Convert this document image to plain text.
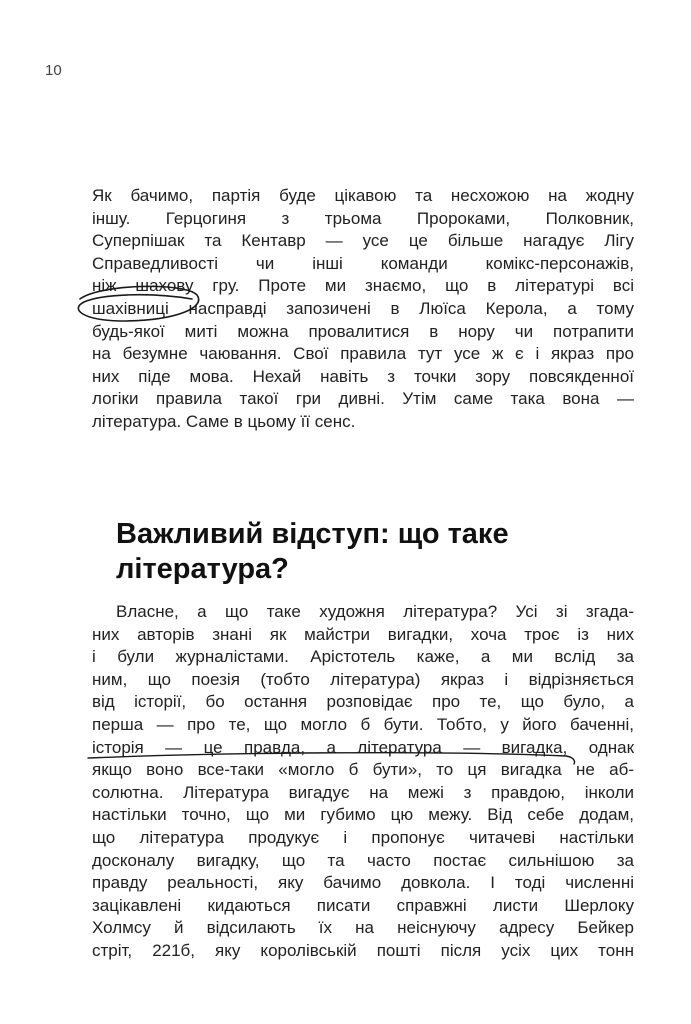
10
Як бачимо, партія буде цікавою та несхожою на жодну
іншу. Герцогиня з трьома Пророками, Полковник,
Суперпішак та Кентавр — усе це більше нагадує Лігу
Справедливості чи інші команди комікс-персонажів,
ніж шахову гру. Проте ми знаємо, що в літературі всі
шахівниці насправді запозичені в Люїса Керола, а тому
будь-якої миті можна провалитися в нору чи потрапити
на безумне чаювання. Свої правила тут усе ж є і якраз про
них піде мова. Нехай навіть з точки зору повсякденної
логіки правила такої гри дивні. Утім саме така вона —
література. Саме в цьому її сенс.
Важливий відступ: що таке
література?
Власне, а що таке художня література? Усі зі згада-
них авторів знані як майстри вигадки, хоча троє із них
і були журналістами. Арістотель каже, а ми вслід за
ним, що поезія (тобто література) якраз і відрізняється
від історії, бо остання розповідає про те, що було, а
перша — про те, що могло б бути. Тобто, у його баченні,
історія — це правда, а література — вигадка, однак
якщо воно все-таки «могло б бути», то ця вигадка не аб-
солютна. Література вигадує на межі з правдою, інколи
настільки точно, що ми губимо цю межу. Від себе додам,
що література продукує і пропонує читачеві настільки
досконалу вигадку, що та часто постає сильнішою за
правду реальності, яку бачимо довкола. І тоді численні
зацікавлені кидаються писати справжні листи Шерлоку
Холмсу й відсилають їх на неіснуючу адресу Бейкер
стріт, 221б, яку королівській пошті після усіх цих тонн
